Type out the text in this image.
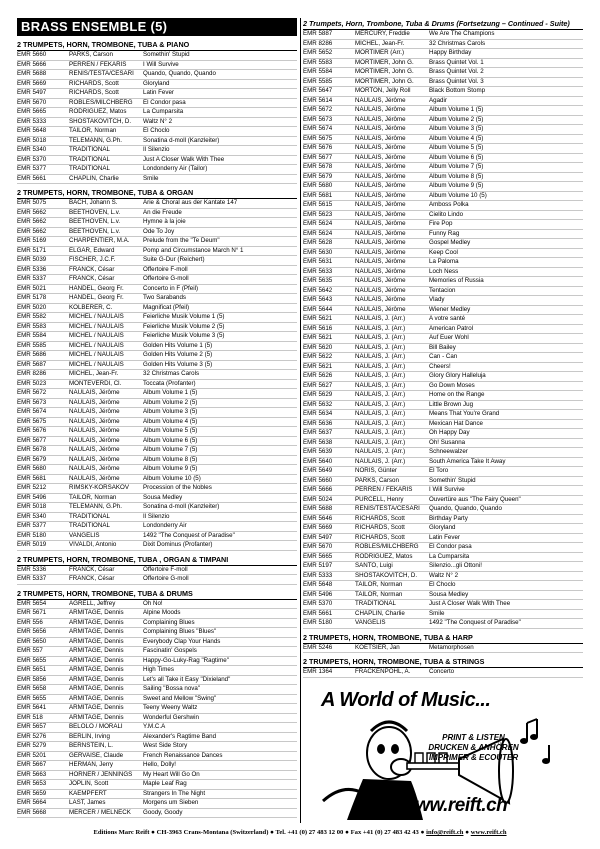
BRASS ENSEMBLE (5)
2 TRUMPETS, HORN, TROMBONE, TUBA & PIANO
EMR 5660	PARKS, Carson	Somethin' Stupid
EMR 5666	PERREN / FEKARIS	I Will Survive
EMR 5688	RENIS/TESTA/CESARI	Quando, Quando, Quando
EMR 5669	RICHARDS, Scott	Gloryland
EMR 5497	RICHARDS, Scott	Latin Fever
EMR 5670	ROBLES/MILCHBERG	El Condor pasa
EMR 5665	RODRIGUEZ, Matos	La Cumparsita
EMR 5333	SHOSTAKOVITCH, D.	Waltz N° 2
EMR 5648	TAILOR, Norman	El Choclo
EMR 5018	TELEMANN, G.Ph.	Sonatina d-moll (Kanzleiter)
EMR 5340	TRADITIONAL	Il Silenzio
EMR 5370	TRADITIONAL	Just A Closer Walk With Thee
EMR 5377	TRADITIONAL	Londonderry Air (Tailor)
EMR 5661	CHAPLIN, Charlie	Smile
2 TRUMPETS, HORN, TROMBONE, TUBA & ORGAN
EMR 5075	BACH, Johann S.	Arie & Choral aus der Kantate 147
EMR 5662	BEETHOVEN, L.v.	An die Freude
EMR 5662	BEETHOVEN, L.v.	Hymne à la joie
EMR 5662	BEETHOVEN, L.v.	Ode To Joy
EMR 5169	CHARPENTIER, M.A.	Prelude from the "Te Deum"
EMR 5171	ELGAR, Edward	Pomp and Circumstance March N° 1
EMR 5039	FISCHER, J.C.F.	Suite G-Dur (Reichert)
EMR 5336	FRANCK, César	Offertoire F-moll
EMR 5337	FRANCK, César	Offertoire G-moll
EMR 5021	HÄNDEL, Georg Fr.	Concerto in F (Pfeil)
EMR 5178	HÄNDEL, Georg Fr.	Two Sarabands
EMR 5020	KOLBERER, C.	Magnificat (Pfeil)
EMR 5582	MICHEL / NAULAIS	Feierliche Musik Volume 1 (5)
EMR 5583	MICHEL / NAULAIS	Feierliche Musik Volume 2 (5)
EMR 5584	MICHEL / NAULAIS	Feierliche Musik Volume 3 (5)
EMR 5585	MICHEL / NAULAIS	Golden Hits Volume 1 (5)
EMR 5686	MICHEL / NAULAIS	Golden Hits Volume 2 (5)
EMR 5687	MICHEL / NAULAIS	Golden Hits Volume 3 (5)
EMR 8286	MICHEL, Jean-Fr.	32 Christmas Carols
EMR 5023	MONTEVERDI, Cl.	Toccata (Profanter)
EMR 5672	NAULAIS, Jérôme	Album Volume 1 (5)
EMR 5673	NAULAIS, Jérôme	Album Volume 2 (5)
EMR 5674	NAULAIS, Jérôme	Album Volume 3 (5)
EMR 5675	NAULAIS, Jérôme	Album Volume 4 (5)
EMR 5676	NAULAIS, Jérôme	Album Volume 5 (5)
EMR 5677	NAULAIS, Jérôme	Album Volume 6 (5)
EMR 5678	NAULAIS, Jérôme	Album Volume 7 (5)
EMR 5679	NAULAIS, Jérôme	Album Volume 8 (5)
EMR 5680	NAULAIS, Jérôme	Album Volume 9 (5)
EMR 5681	NAULAIS, Jérôme	Album Volume 10 (5)
EMR 5212	RIMSKY-KORSAKOV	Procession of the Nobles
EMR 5496	TAILOR, Norman	Sousa Medley
EMR 5018	TELEMANN, G.Ph.	Sonatina d-moll (Kanzleiter)
EMR 5340	TRADITIONAL	Il Silenzio
EMR 5377	TRADITIONAL	Londonderry Air
EMR 5180	VANGELIS	1492 "The Conquest of Paradise"
EMR 5019	VIVALDI, Antonio	Dixit Dominus (Profanter)
2 TRUMPETS, HORN, TROMBONE, TUBA , ORGAN & TIMPANI
EMR 5336	FRANCK, César	Offertoire F-moll
EMR 5337	FRANCK, César	Offertoire G-moll
2 TRUMPETS, HORN, TROMBONE, TUBA & DRUMS
EMR 5654	AGRELL, Jeffrey	Oh No!
EMR 5671	ARMITAGE, Dennis	Alpine Moods
EMR 556	ARMITAGE, Dennis	Complaining Blues
EMR 5656	ARMITAGE, Dennis	Complaining Blues "Blues"
EMR 5650	ARMITAGE, Dennis	Everybody Clap Your Hands
EMR 557	ARMITAGE, Dennis	Fascinatin' Gospels
EMR 5655	ARMITAGE, Dennis	Happy-Go-Luky-Rag "Ragtime"
EMR 5651	ARMITAGE, Dennis	High Times
EMR 5856	ARMITAGE, Dennis	Let's all Take it Easy "Dixieland"
EMR 5658	ARMITAGE, Dennis	Sailing "Bossa nova"
EMR 5655	ARMITAGE, Dennis	Sweet and Mellow "Swing"
EMR 5641	ARMITAGE, Dennis	Teeny Weeny Waltz
EMR 518	ARMITAGE, Dennis	Wonderful Gershwin
EMR 5657	BELOLO / MORALI	Y.M.C.A
EMR 5276	BERLIN, Irving	Alexander's Ragtime Band
EMR 5279	BERNSTEIN, L.	West Side Story
EMR 5201	GERVAISE, Claude	French Renaissance Dances
EMR 5667	HERMAN, Jerry	Hello, Dolly!
EMR 5663	HORNER / JENNINGS	My Heart Will Go On
EMR 5653	JOPLIN, Scott	Maple Leaf Rag
EMR 5659	KAEMPFERT	Strangers In The Night
EMR 5664	LAST, James	Morgens um Sieben
EMR 5668	MERCER / MELNECK	Goody, Goody
2 Trumpets, Horn, Trombone, Tuba & Drums (Fortsetzung – Continued - Suite)
EMR 5887	MERCURY, Freddie	We Are The Champions
EMR 8286	MICHEL, Jean-Fr.	32 Christmas Carols
EMR 5652	MORTIMER (Arr.)	Happy Birthday
EMR 5583	MORTIMER, John G.	Brass Quintet Vol. 1
EMR 5584	MORTIMER, John G.	Brass Quintet Vol. 2
EMR 5585	MORTIMER, John G.	Brass Quintet Vol. 3
EMR 5647	MORTON, Jelly Roll	Black Bottom Stomp
EMR 5614	NAULAIS, Jérôme	Agadir
EMR 5672	NAULAIS, Jérôme	Album Volume 1 (5)
EMR 5673	NAULAIS, Jérôme	Album Volume 2 (5)
EMR 5674	NAULAIS, Jérôme	Album Volume 3 (5)
EMR 5675	NAULAIS, Jérôme	Album Volume 4 (5)
EMR 5676	NAULAIS, Jérôme	Album Volume 5 (5)
EMR 5677	NAULAIS, Jérôme	Album Volume 6 (5)
EMR 5678	NAULAIS, Jérôme	Album Volume 7 (5)
EMR 5679	NAULAIS, Jérôme	Album Volume 8 (5)
EMR 5680	NAULAIS, Jérôme	Album Volume 9 (5)
EMR 5681	NAULAIS, Jérôme	Album Volume 10 (5)
EMR 5615	NAULAIS, Jérôme	Amboss Polka
EMR 5623	NAULAIS, Jérôme	Cielito Lindo
EMR 5624	NAULAIS, Jérôme	Fire Pop
EMR 5624	NAULAIS, Jérôme	Funny Rag
EMR 5628	NAULAIS, Jérôme	Gospel Medley
EMR 5630	NAULAIS, Jérôme	Keep Cool
EMR 5631	NAULAIS, Jérôme	La Paloma
EMR 5633	NAULAIS, Jérôme	Loch Ness
EMR 5635	NAULAIS, Jérôme	Memories of Russia
EMR 5642	NAULAIS, Jérôme	Tentacion
EMR 5643	NAULAIS, Jérôme	Vlady
EMR 5644	NAULAIS, Jérôme	Wiener Medley
EMR 5621	NAULAIS, J. (Arr.)	A votre santé
EMR 5616	NAULAIS, J. (Arr.)	American Patrol
EMR 5621	NAULAIS, J. (Arr.)	Auf Euer Wohl
EMR 5620	NAULAIS, J. (Arr.)	Bill Bailey
EMR 5622	NAULAIS, J. (Arr.)	Can - Can
EMR 5621	NAULAIS, J. (Arr.)	Cheers!
EMR 5626	NAULAIS, J. (Arr.)	Glory Glory Halleluja
EMR 5627	NAULAIS, J. (Arr.)	Go Down Moses
EMR 5629	NAULAIS, J. (Arr.)	Home on the Range
EMR 5632	NAULAIS, J. (Arr.)	Little Brown Jug
EMR 5634	NAULAIS, J. (Arr.)	Means That You're Grand
EMR 5636	NAULAIS, J. (Arr.)	Mexican Hat Dance
EMR 5637	NAULAIS, J. (Arr.)	Oh Happy Day
EMR 5638	NAULAIS, J. (Arr.)	Oh! Susanna
EMR 5639	NAULAIS, J. (Arr.)	Schneewalzer
EMR 5640	NAULAIS, J. (Arr.)	South America Take It Away
EMR 5649	NORIS, Günter	El Toro
EMR 5660	PARKS, Carson	Somethin' Stupid
EMR 5666	PERREN / FEKARIS	I Will Survive
EMR 5024	PURCELL, Henry	Ouvertüre aus "The Fairy Queen"
EMR 5688	RENIS/TESTA/CESARI	Quando, Quando, Quando
EMR 5646	RICHARDS, Scott	Birthday Party
EMR 5669	RICHARDS, Scott	Gloryland
EMR 5497	RICHARDS, Scott	Latin Fever
EMR 5670	ROBLES/MILCHBERG	El Condor pasa
EMR 5665	RODRIGUEZ, Matos	La Cumparsita
EMR 5197	SANTO, Luigi	Silenzio...gli Ottoni!
EMR 5333	SHOSTAKOVITCH, D.	Waltz N° 2
EMR 5648	TAILOR, Norman	El Choclo
EMR 5496	TAILOR, Norman	Sousa Medley
EMR 5370	TRADITIONAL	Just A Closer Walk With Thee
EMR 5661	CHAPLIN, Charlie	Smile
EMR 5180	VANGELIS	1492 "The Conquest of Paradise"
2 TRUMPETS, HORN, TROMBONE, TUBA & HARP
EMR 5246	KOETSIER, Jan	Metamorphosen
2 TRUMPETS, HORN, TROMBONE, TUBA & STRINGS
EMR 1364	FRACKENPOHL, A.	Concerto
A World of Music...
PRINT & LISTEN
DRUCKEN & ANHÖREN
IMPRIMER & ECOUTER
www.reift.ch
Editions Marc Reift ● CH-3963 Crans-Montana (Switzerland) ● Tel. +41 (0) 27 483 12 00 ● Fax +41 (0) 27 483 42 43 ● info@reift.ch ● www.reift.ch
